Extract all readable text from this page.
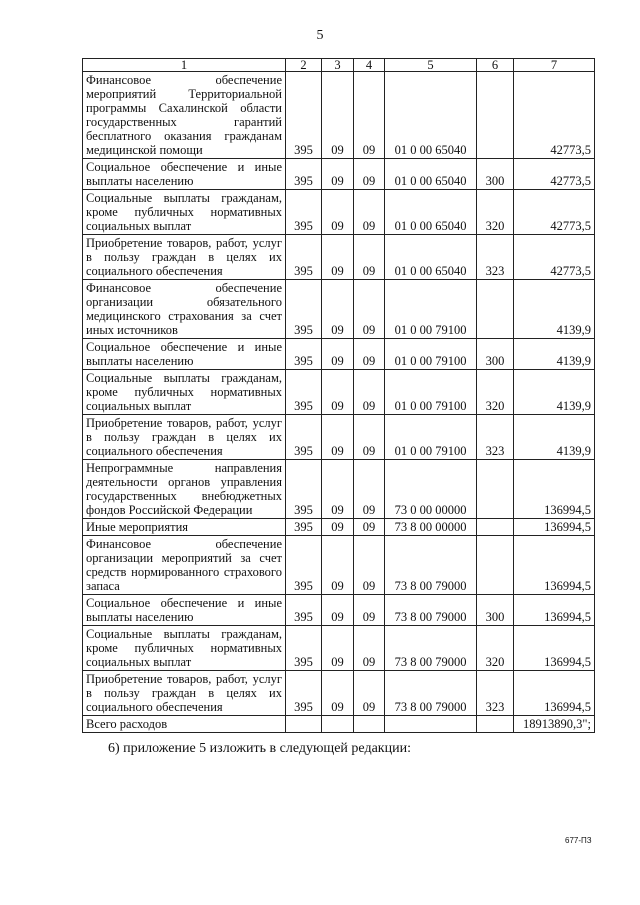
5
1	2	3	4	5	6	7
Финансовое обеспечение мероприятий Территориальной программы Сахалинской области государственных гарантий бесплатного оказания гражданам медицинской помощи	395	09	09	01 0 00 65040		42773,5
Социальное обеспечение и иные выплаты населению	395	09	09	01 0 00 65040	300	42773,5
Социальные выплаты гражданам, кроме публичных нормативных социальных выплат	395	09	09	01 0 00 65040	320	42773,5
Приобретение товаров, работ, услуг в пользу граждан в целях их социального обеспечения	395	09	09	01 0 00 65040	323	42773,5
Финансовое обеспечение организации обязательного медицинского страхования за счет иных источников	395	09	09	01 0 00 79100		4139,9
Социальное обеспечение и иные выплаты населению	395	09	09	01 0 00 79100	300	4139,9
Социальные выплаты гражданам, кроме публичных нормативных социальных выплат	395	09	09	01 0 00 79100	320	4139,9
Приобретение товаров, работ, услуг в пользу граждан в целях их социального обеспечения	395	09	09	01 0 00 79100	323	4139,9
Непрограммные направления деятельности органов управления государственных внебюджетных фондов Российской Федерации	395	09	09	73 0 00 00000		136994,5
Иные мероприятия	395	09	09	73 8 00 00000		136994,5
Финансовое обеспечение организации мероприятий за счет средств нормированного страхового запаса	395	09	09	73 8 00 79000		136994,5
Социальное обеспечение и иные выплаты населению	395	09	09	73 8 00 79000	300	136994,5
Социальные выплаты гражданам, кроме публичных нормативных социальных выплат	395	09	09	73 8 00 79000	320	136994,5
Приобретение товаров, работ, услуг в пользу граждан в целях их социального обеспечения	395	09	09	73 8 00 79000	323	136994,5
Всего расходов						18913890,3";
6) приложение 5 изложить в следующей редакции:
677-ПЗ
